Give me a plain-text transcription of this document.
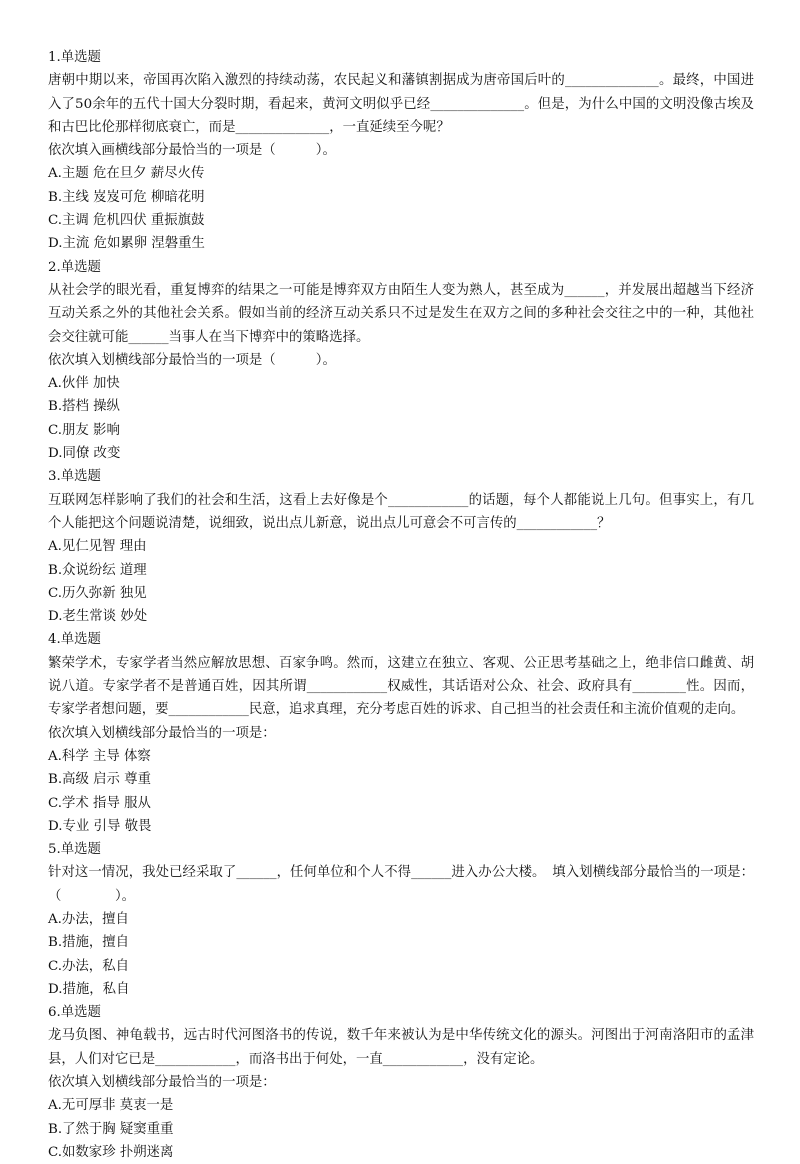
1.单选题
唐朝中期以来，帝国再次陷入激烈的持续动荡，农民起义和藩镇割据成为唐帝国后叶的______________。最终，中国进入了50余年的五代十国大分裂时期，看起来，黄河文明似乎已经______________。但是，为什么中国的文明没像古埃及和古巴比伦那样彻底衰亡，而是______________，一直延续至今呢？
依次填入画横线部分最恰当的一项是（　　　）。
A.主题 危在旦夕 薪尽火传
B.主线 岌岌可危 柳暗花明
C.主调 危机四伏 重振旗鼓
D.主流 危如累卵 涅磐重生
2.单选题
从社会学的眼光看，重复博弈的结果之一可能是博弈双方由陌生人变为熟人，甚至成为______，并发展出超越当下经济互动关系之外的其他社会关系。假如当前的经济互动关系只不过是发生在双方之间的多种社会交往之中的一种，其他社会交往就可能______当事人在当下博弈中的策略选择。
依次填入划横线部分最恰当的一项是（　　　）。
A.伙伴 加快
B.搭档 操纵
C.朋友 影响
D.同僚 改变
3.单选题
互联网怎样影响了我们的社会和生活，这看上去好像是个____________的话题，每个人都能说上几句。但事实上，有几个人能把这个问题说清楚，说细致，说出点儿新意，说出点儿可意会不可言传的____________？
A.见仁见智 理由
B.众说纷纭 道理
C.历久弥新 独见
D.老生常谈 妙处
4.单选题
繁荣学术，专家学者当然应解放思想、百家争鸣。然而，这建立在独立、客观、公正思考基础之上，绝非信口雌黄、胡说八道。专家学者不是普通百姓，因其所谓____________权威性，其话语对公众、社会、政府具有________性。因而，专家学者想问题，要____________民意，追求真理，充分考虑百姓的诉求、自己担当的社会责任和主流价值观的走向。
依次填入划横线部分最恰当的一项是：
A.科学 主导 体察
B.高级 启示 尊重
C.学术 指导 服从
D.专业 引导 敬畏
5.单选题
针对这一情况，我处已经采取了______，任何单位和个人不得______进入办公大楼。　填入划横线部分最恰当的一项是：（　　　　）。
A.办法，擅自
B.措施，擅自
C.办法，私自
D.措施，私自
6.单选题
龙马负图、神龟载书，远古时代河图洛书的传说，数千年来被认为是中华传统文化的源头。河图出于河南洛阳市的孟津县，人们对它已是____________，而洛书出于何处，一直____________，没有定论。
依次填入划横线部分最恰当的一项是：
A.无可厚非 莫衷一是
B.了然于胸 疑窦重重
C.如数家珍 扑朔迷离
